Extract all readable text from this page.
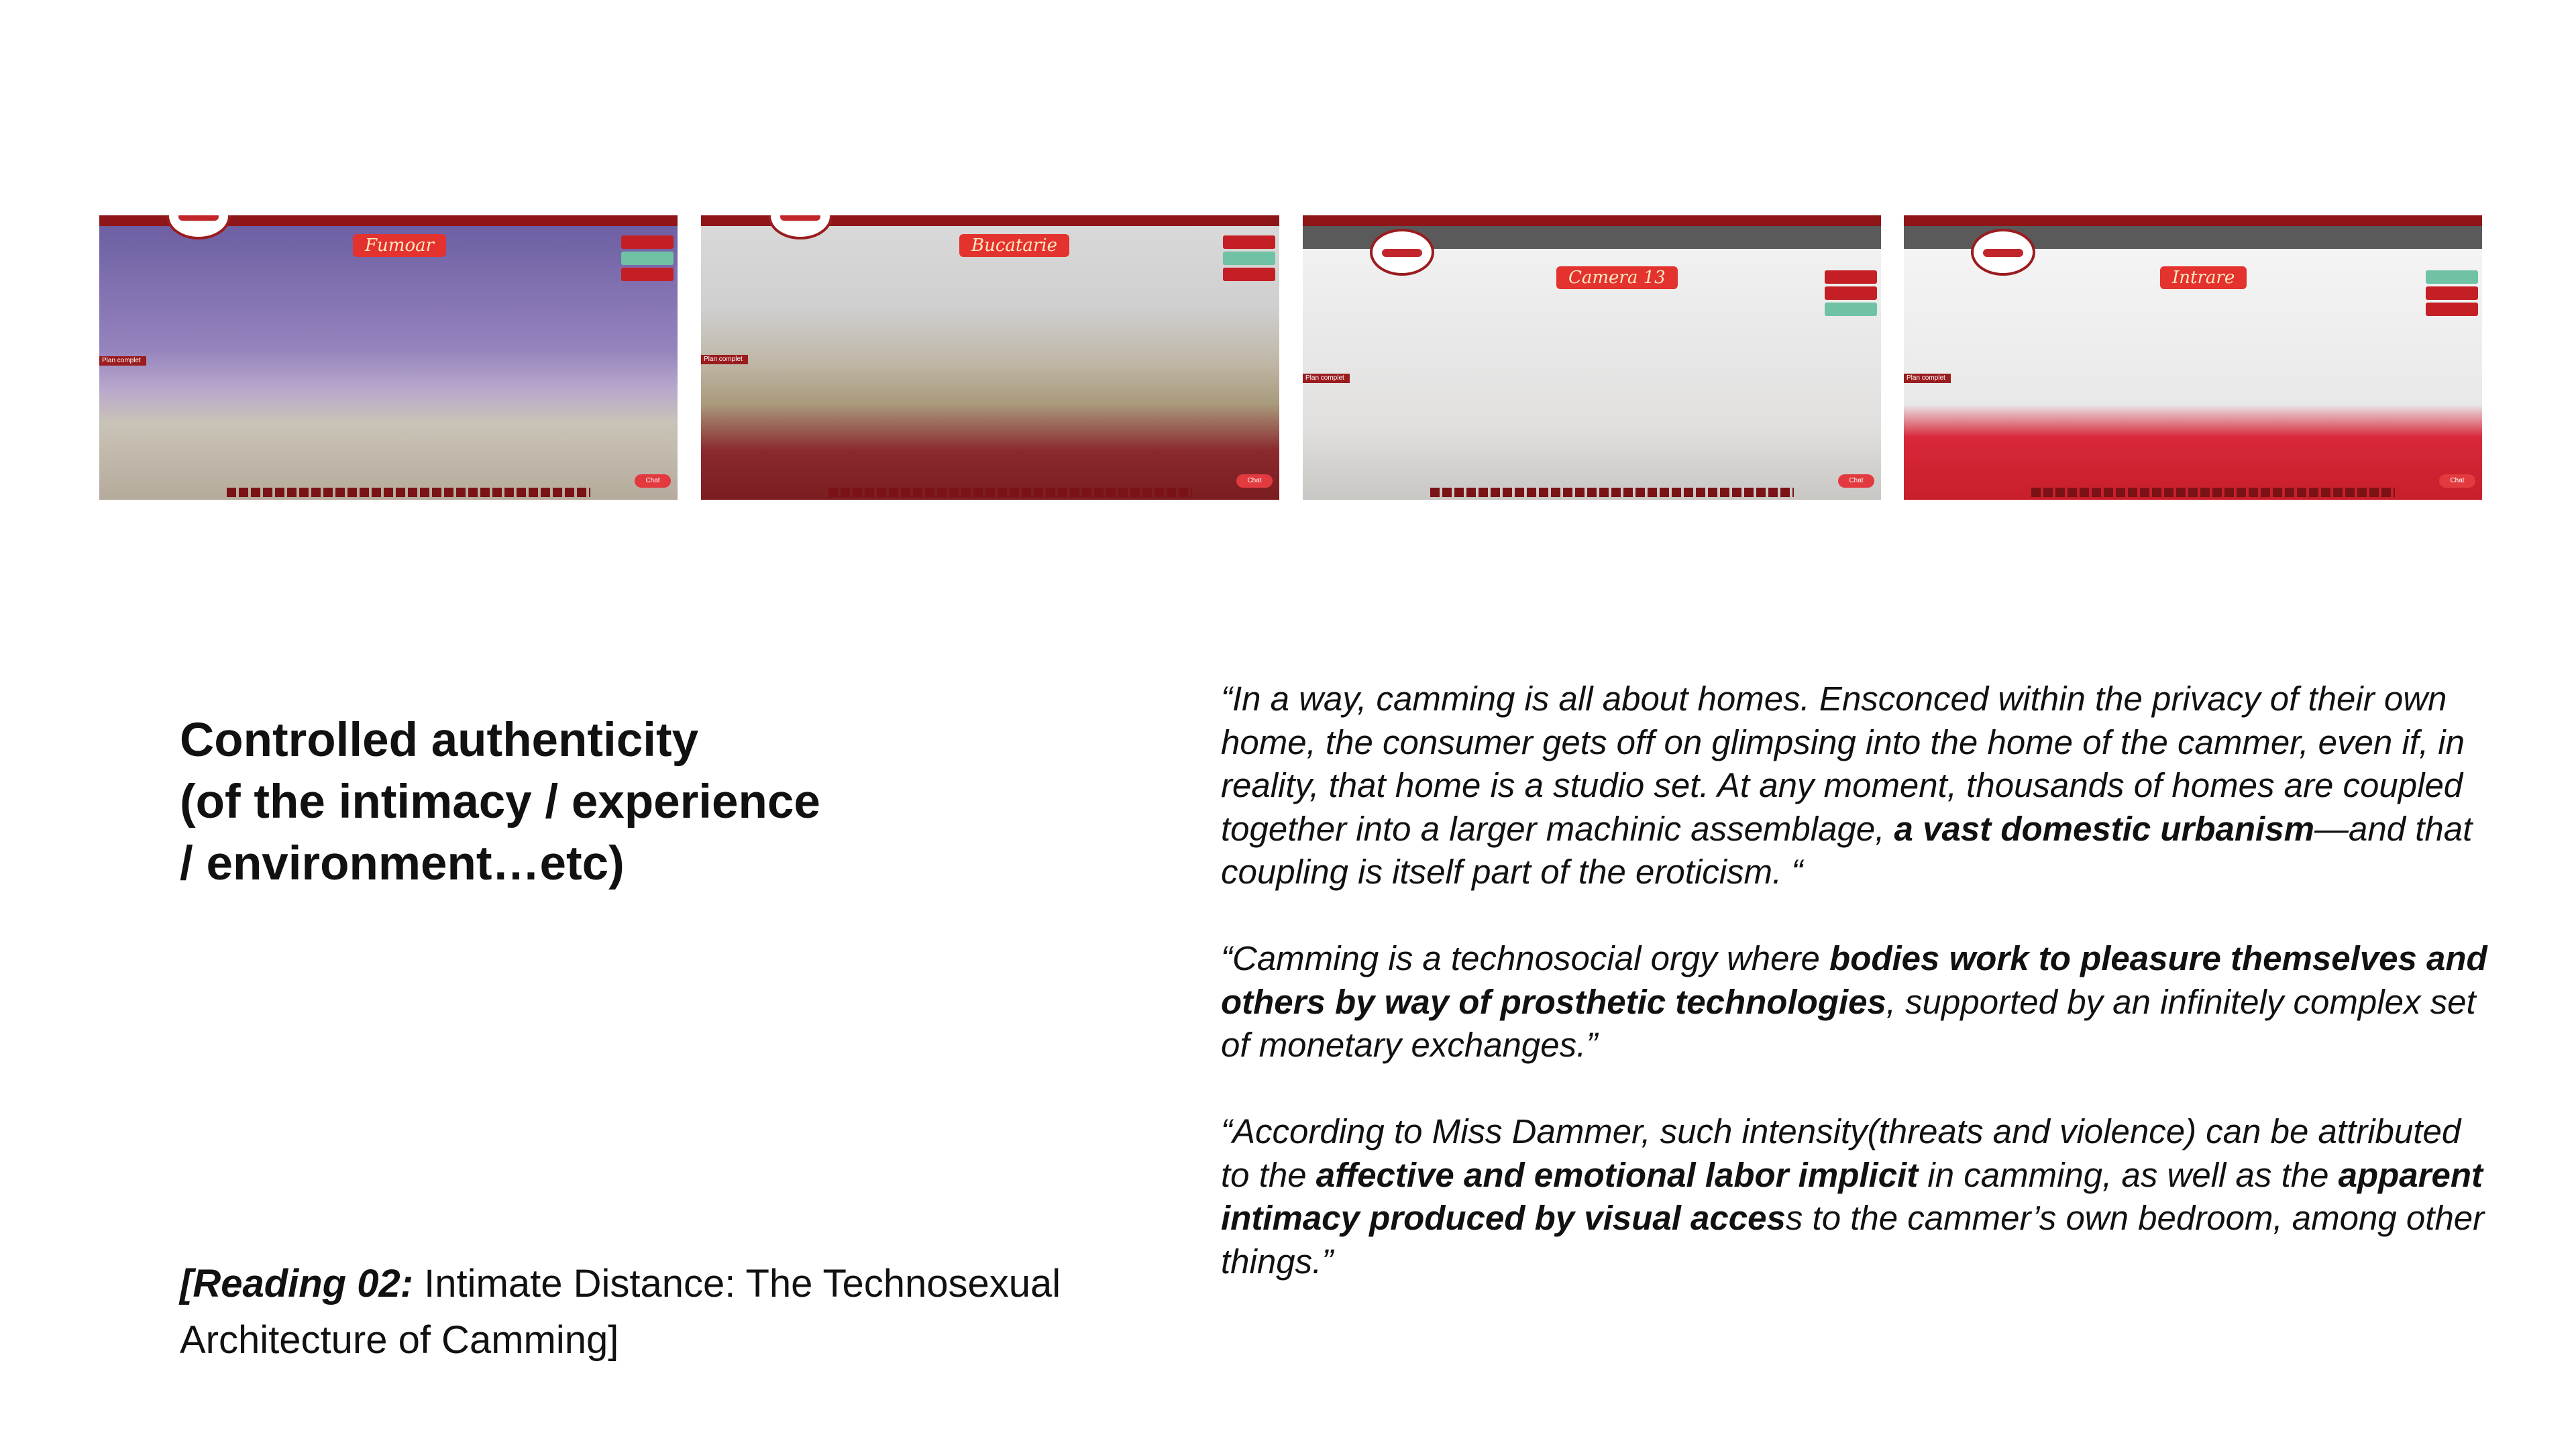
Fumoar
Plan complet
Chat
Bucatarie
Plan complet
Chat
Camera 13
Plan complet
Chat
Intrare
Plan complet
Chat
Controlled authenticity
(of the intimacy / experience
/ environment…etc)
[Reading 02: Intimate Distance: The Technosexual Architecture of Camming]

“In a way, camming is all about homes. Ensconced within the privacy of their own home, the consumer gets off on glimpsing into the home of the cammer, even if, in reality, that home is a studio set. At any moment, thousands of homes are coupled together into a larger machinic assemblage, a vast domestic urbanism—and that coupling is itself part of the eroticism. “

“Camming is a technosocial orgy where bodies work to pleasure themselves and others by way of prosthetic technologies, supported by an infinitely complex set of monetary exchanges.”

“According to Miss Dammer, such intensity(threats and violence) can be attributed to the affective and emotional labor implicit in camming, as well as the apparent intimacy produced by visual access to the cammer’s own bedroom, among other things.”
